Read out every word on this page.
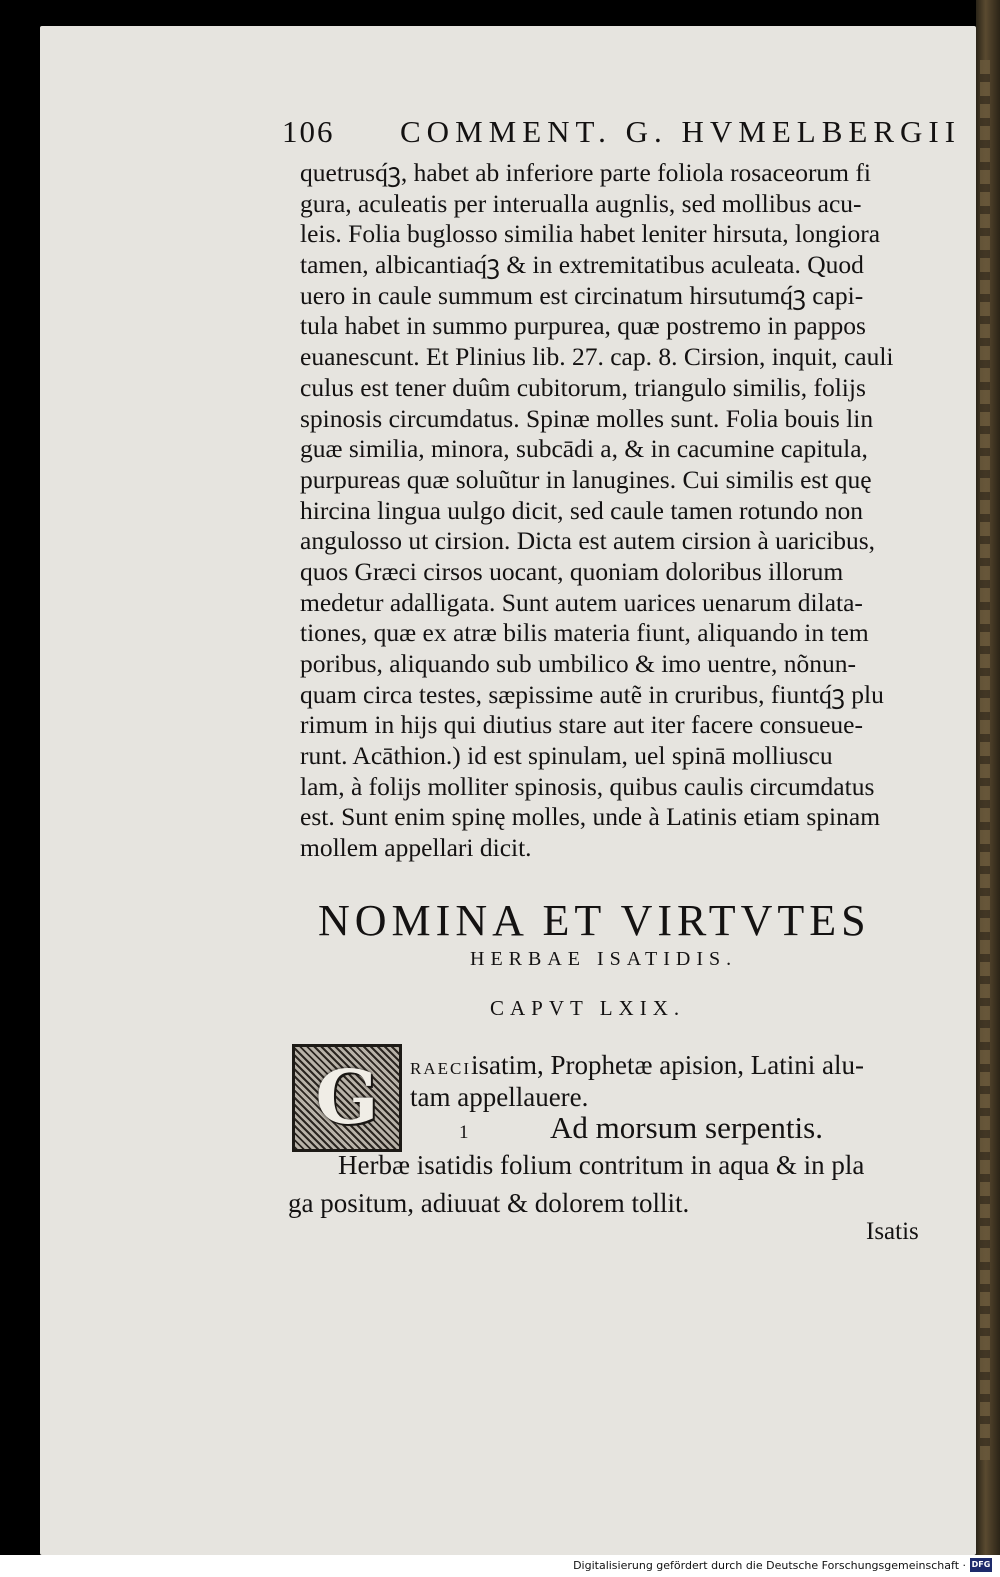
106 COMMENT. G. HVMELBERGII
quetrusq́ꝫ, habet ab inferiore parte foliola rosaceorum fi
gura, aculeatis per interualla augnlis, sed mollibus acu-
leis. Folia buglosso similia habet leniter hirsuta, longiora
tamen, albicantiaq́ꝫ & in extremitatibus aculeata. Quod
uero in caule summum est circinatum hirsutumq́ꝫ capi-
tula habet in summo purpurea, quæ postremo in pappos
euanescunt. Et Plinius lib. 27. cap. 8. Cirsion, inquit, cauli
culus est tener duûm cubitorum, triangulo similis, folijs
spinosis circumdatus. Spinæ molles sunt. Folia bouis lin
guæ similia, minora, subcādi a, & in cacumine capitula,
purpureas quæ soluũtur in lanugines. Cui similis est quę
hircina lingua uulgo dicit, sed caule tamen rotundo non
angulosso ut cirsion. Dicta est autem cirsion à uaricibus,
quos Græci cirsos uocant, quoniam doloribus illorum
medetur adalligata. Sunt autem uarices uenarum dilata-
tiones, quæ ex atræ bilis materia fiunt, aliquando in tem
poribus, aliquando sub umbilico & imo uentre, nõnun-
quam circa testes, sæpissime autẽ in cruribus, fiuntq́ꝫ plu
rimum in hijs qui diutius stare aut iter facere consueue-
runt. Acāthion.) id est spinulam, uel spinā molliuscu
lam, à folijs molliter spinosis, quibus caulis circumdatus
est. Sunt enim spinę molles, unde à Latinis etiam spinam
mollem appellari dicit.
NOMINA ET VIRTVTES
HERBAE ISATIDIS.
CAPVT LXIX.
G RAECIisatim, Prophetæ apision, Latini alu-
tam appellauere.
1	Ad morsum serpentis.
Herbæ isatidis folium contritum in aqua & in pla
ga positum, adiuuat & dolorem tollit.
Isatis
Digitalisierung gefördert durch die Deutsche Forschungsgemeinschaft · DFG
